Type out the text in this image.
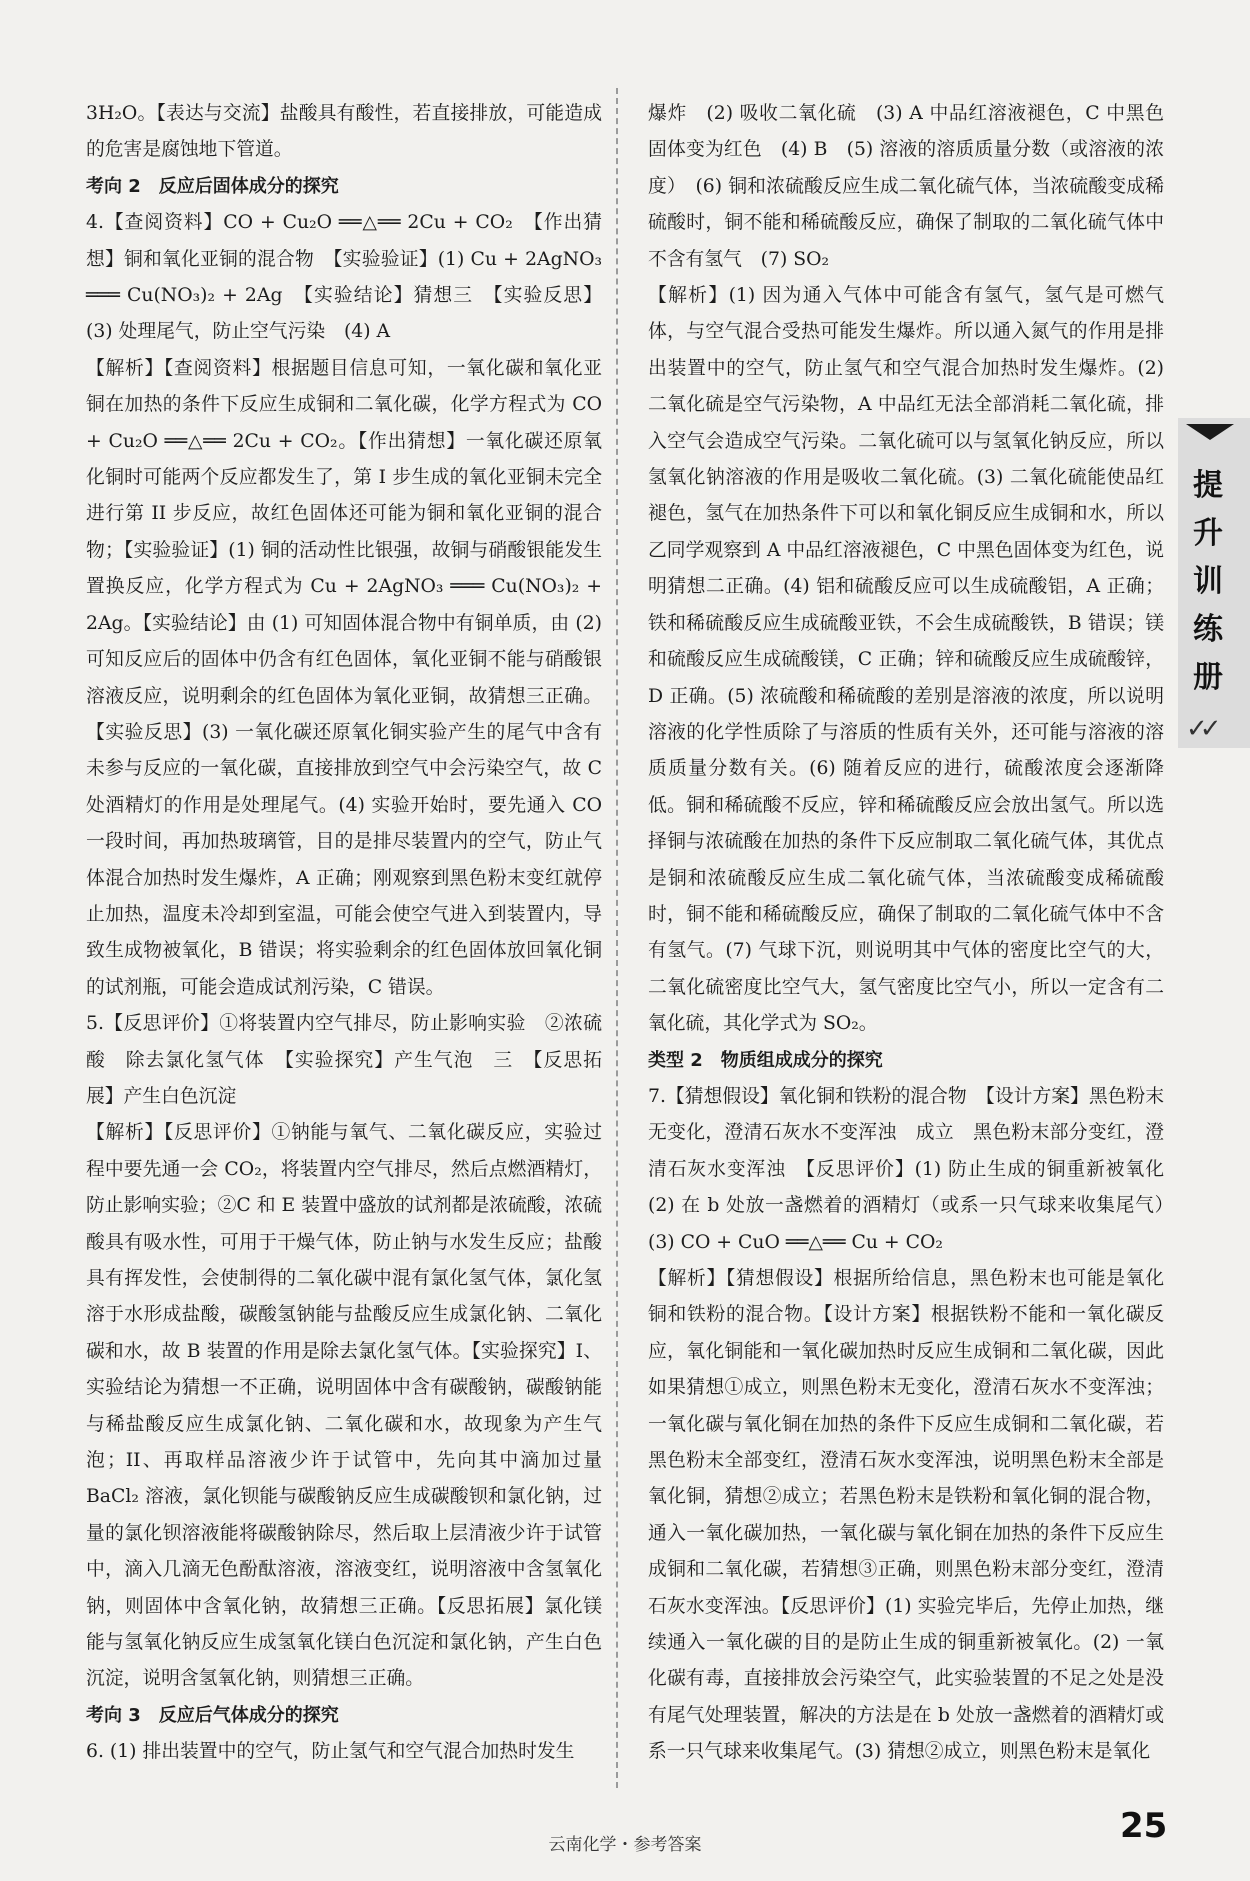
3H₂O。【表达与交流】盐酸具有酸性，若直接排放，可能造成的危害是腐蚀地下管道。
考向 2　反应后固体成分的探究
4.【查阅资料】CO + Cu₂O ══△══ 2Cu + CO₂　【作出猜想】铜和氧化亚铜的混合物　【实验验证】(1) Cu + 2AgNO₃ ═══ Cu(NO₃)₂ + 2Ag　【实验结论】猜想三　【实验反思】(3) 处理尾气，防止空气污染　(4) A
【解析】【查阅资料】根据题目信息可知，一氧化碳和氧化亚铜在加热的条件下反应生成铜和二氧化碳，化学方程式为 CO + Cu₂O ══△══ 2Cu + CO₂。【作出猜想】一氧化碳还原氧化铜时可能两个反应都发生了，第 I 步生成的氧化亚铜未完全进行第 II 步反应，故红色固体还可能为铜和氧化亚铜的混合物；【实验验证】(1) 铜的活动性比银强，故铜与硝酸银能发生置换反应，化学方程式为 Cu + 2AgNO₃ ═══ Cu(NO₃)₂ + 2Ag。【实验结论】由 (1) 可知固体混合物中有铜单质，由 (2) 可知反应后的固体中仍含有红色固体，氧化亚铜不能与硝酸银溶液反应，说明剩余的红色固体为氧化亚铜，故猜想三正确。【实验反思】(3) 一氧化碳还原氧化铜实验产生的尾气中含有未参与反应的一氧化碳，直接排放到空气中会污染空气，故 C 处酒精灯的作用是处理尾气。(4) 实验开始时，要先通入 CO 一段时间，再加热玻璃管，目的是排尽装置内的空气，防止气体混合加热时发生爆炸，A 正确；刚观察到黑色粉末变红就停止加热，温度未冷却到室温，可能会使空气进入到装置内，导致生成物被氧化，B 错误；将实验剩余的红色固体放回氧化铜的试剂瓶，可能会造成试剂污染，C 错误。
5.【反思评价】①将装置内空气排尽，防止影响实验　②浓硫酸　除去氯化氢气体　【实验探究】产生气泡　三　【反思拓展】产生白色沉淀
【解析】【反思评价】①钠能与氧气、二氧化碳反应，实验过程中要先通一会 CO₂，将装置内空气排尽，然后点燃酒精灯，防止影响实验；②C 和 E 装置中盛放的试剂都是浓硫酸，浓硫酸具有吸水性，可用于干燥气体，防止钠与水发生反应；盐酸具有挥发性，会使制得的二氧化碳中混有氯化氢气体，氯化氢溶于水形成盐酸，碳酸氢钠能与盐酸反应生成氯化钠、二氧化碳和水，故 B 装置的作用是除去氯化氢气体。【实验探究】I、实验结论为猜想一不正确，说明固体中含有碳酸钠，碳酸钠能与稀盐酸反应生成氯化钠、二氧化碳和水，故现象为产生气泡；II、再取样品溶液少许于试管中，先向其中滴加过量 BaCl₂ 溶液，氯化钡能与碳酸钠反应生成碳酸钡和氯化钠，过量的氯化钡溶液能将碳酸钠除尽，然后取上层清液少许于试管中，滴入几滴无色酚酞溶液，溶液变红，说明溶液中含氢氧化钠，则固体中含氧化钠，故猜想三正确。【反思拓展】氯化镁能与氢氧化钠反应生成氢氧化镁白色沉淀和氯化钠，产生白色沉淀，说明含氢氧化钠，则猜想三正确。
考向 3　反应后气体成分的探究
6. (1) 排出装置中的空气，防止氢气和空气混合加热时发生
爆炸　(2) 吸收二氧化硫　(3) A 中品红溶液褪色，C 中黑色固体变为红色　(4) B　(5) 溶液的溶质质量分数（或溶液的浓度）　(6) 铜和浓硫酸反应生成二氧化硫气体，当浓硫酸变成稀硫酸时，铜不能和稀硫酸反应，确保了制取的二氧化硫气体中不含有氢气　(7) SO₂
【解析】(1) 因为通入气体中可能含有氢气，氢气是可燃气体，与空气混合受热可能发生爆炸。所以通入氮气的作用是排出装置中的空气，防止氢气和空气混合加热时发生爆炸。(2) 二氧化硫是空气污染物，A 中品红无法全部消耗二氧化硫，排入空气会造成空气污染。二氧化硫可以与氢氧化钠反应，所以氢氧化钠溶液的作用是吸收二氧化硫。(3) 二氧化硫能使品红褪色，氢气在加热条件下可以和氧化铜反应生成铜和水，所以乙同学观察到 A 中品红溶液褪色，C 中黑色固体变为红色，说明猜想二正确。(4) 铝和硫酸反应可以生成硫酸铝，A 正确；铁和稀硫酸反应生成硫酸亚铁，不会生成硫酸铁，B 错误；镁和硫酸反应生成硫酸镁，C 正确；锌和硫酸反应生成硫酸锌，D 正确。(5) 浓硫酸和稀硫酸的差别是溶液的浓度，所以说明溶液的化学性质除了与溶质的性质有关外，还可能与溶液的溶质质量分数有关。(6) 随着反应的进行，硫酸浓度会逐渐降低。铜和稀硫酸不反应，锌和稀硫酸反应会放出氢气。所以选择铜与浓硫酸在加热的条件下反应制取二氧化硫气体，其优点是铜和浓硫酸反应生成二氧化硫气体，当浓硫酸变成稀硫酸时，铜不能和稀硫酸反应，确保了制取的二氧化硫气体中不含有氢气。(7) 气球下沉，则说明其中气体的密度比空气的大，二氧化硫密度比空气大，氢气密度比空气小，所以一定含有二氧化硫，其化学式为 SO₂。
类型 2　物质组成成分的探究
7.【猜想假设】氧化铜和铁粉的混合物　【设计方案】黑色粉末无变化，澄清石灰水不变浑浊　成立　黑色粉末部分变红，澄清石灰水变浑浊　【反思评价】(1) 防止生成的铜重新被氧化　(2) 在 b 处放一盏燃着的酒精灯（或系一只气球来收集尾气）　(3) CO + CuO ══△══ Cu + CO₂
【解析】【猜想假设】根据所给信息，黑色粉末也可能是氧化铜和铁粉的混合物。【设计方案】根据铁粉不能和一氧化碳反应，氧化铜能和一氧化碳加热时反应生成铜和二氧化碳，因此如果猜想①成立，则黑色粉末无变化，澄清石灰水不变浑浊；一氧化碳与氧化铜在加热的条件下反应生成铜和二氧化碳，若黑色粉末全部变红，澄清石灰水变浑浊，说明黑色粉末全部是氧化铜，猜想②成立；若黑色粉末是铁粉和氧化铜的混合物，通入一氧化碳加热，一氧化碳与氧化铜在加热的条件下反应生成铜和二氧化碳，若猜想③正确，则黑色粉末部分变红，澄清石灰水变浑浊。【反思评价】(1) 实验完毕后，先停止加热，继续通入一氧化碳的目的是防止生成的铜重新被氧化。(2) 一氧化碳有毒，直接排放会污染空气，此实验装置的不足之处是没有尾气处理装置，解决的方法是在 b 处放一盏燃着的酒精灯或系一只气球来收集尾气。(3) 猜想②成立，则黑色粉末是氧化
提
升
训
练
册
✓✓
云南化学・参考答案	25
